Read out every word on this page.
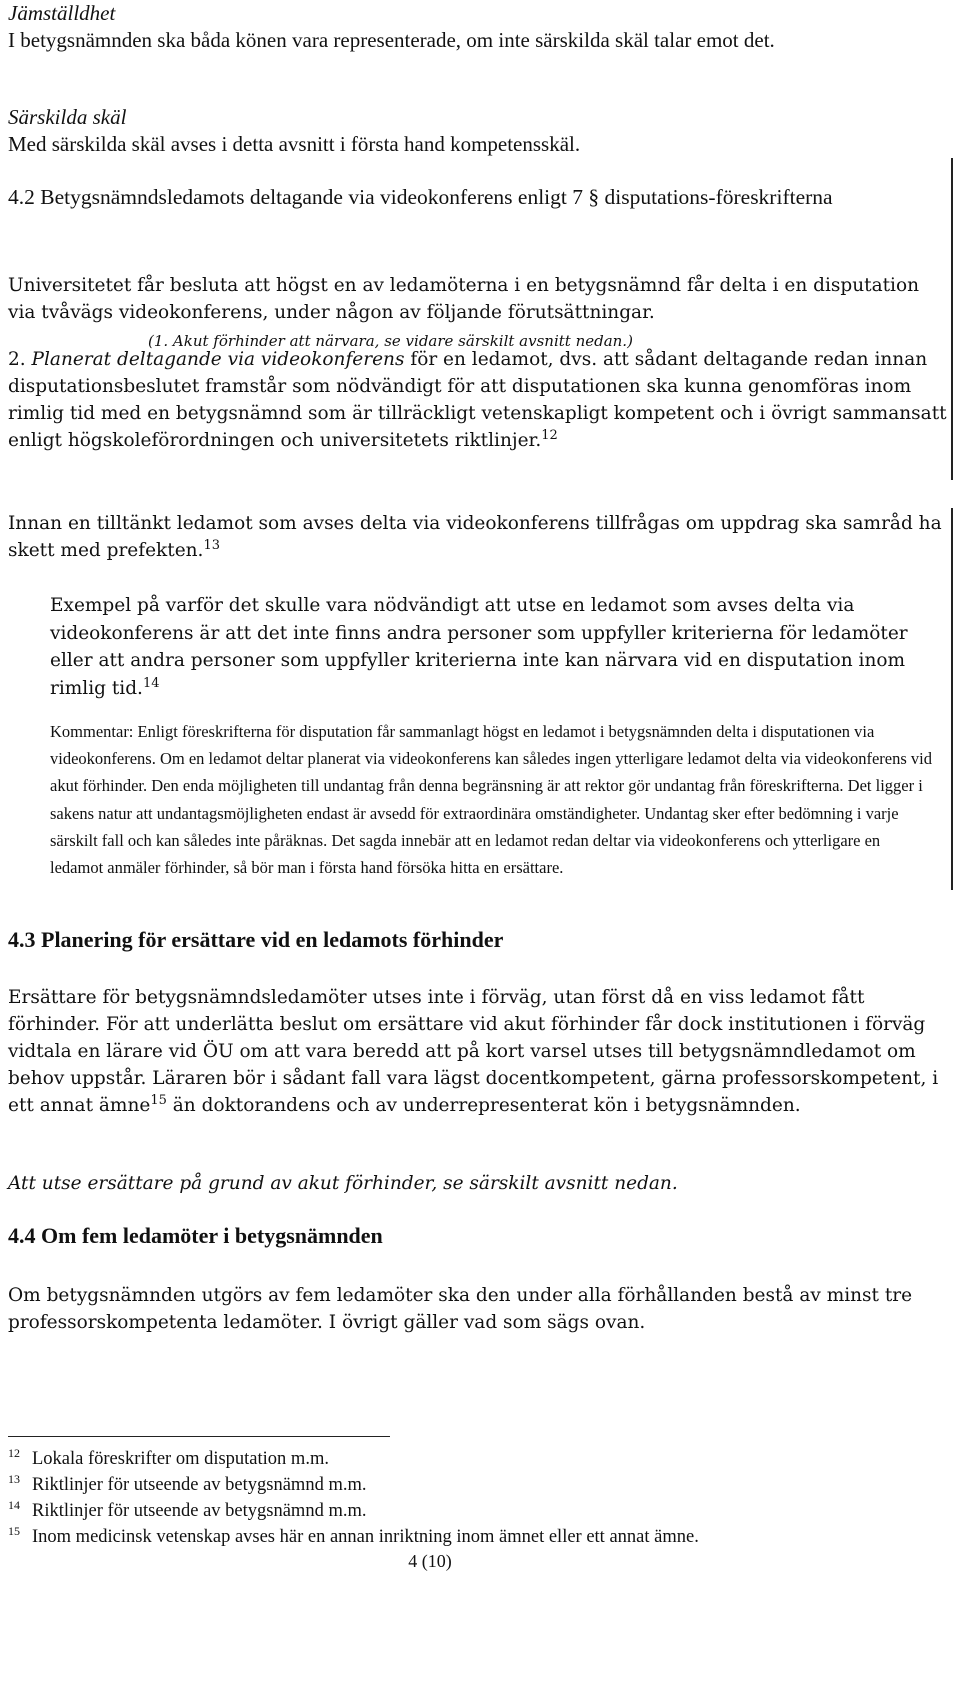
Jämställdhet
I betygsnämnden ska båda könen vara representerade, om inte särskilda skäl talar emot det.
Särskilda skäl
Med särskilda skäl avses i detta avsnitt i första hand kompetensskäl.
4.2 Betygsnämndsledamots deltagande via videokonferens enligt 7 § disputations-föreskrifterna
Universitetet får besluta att högst en av ledamöterna i en betygsnämnd får delta i en disputation via tvåvägs videokonferens, under någon av följande förutsättningar.
(1. Akut förhinder att närvara, se vidare särskilt avsnitt nedan.)
2. Planerat deltagande via videokonferens för en ledamot, dvs. att sådant deltagande redan innan disputationsbeslutet framstår som nödvändigt för att disputationen ska kunna genomföras inom rimlig tid med en betygsnämnd som är tillräckligt vetenskapligt kompetent och i övrigt sammansatt enligt högskoleförordningen och universitetets riktlinjer.$^{12}$
Innan en tilltänkt ledamot som avses delta via videokonferens tillfrågas om uppdrag ska samråd ha skett med prefekten.$^{13}$
Exempel på varför det skulle vara nödvändigt att utse en ledamot som avses delta via videokonferens är att det inte finns andra personer som uppfyller kriterierna för ledamöter eller att andra personer som uppfyller kriterierna inte kan närvara vid en disputation inom rimlig tid.$^{14}$
Kommentar: Enligt föreskrifterna för disputation får sammanlagt högst en ledamot i betygsnämnden delta i disputationen via videokonferens. Om en ledamot deltar planerat via videokonferens kan således ingen ytterligare ledamot delta via videokonferens vid akut förhinder. Den enda möjligheten till undantag från denna begränsning är att rektor gör undantag från föreskrifterna. Det ligger i sakens natur att undantagsmöjligheten endast är avsedd för extraordinära omständigheter. Undantag sker efter bedömning i varje särskilt fall och kan således inte påräknas. Det sagda innebär att en ledamot redan deltar via videokonferens och ytterligare en ledamot anmäler förhinder, så bör man i första hand försöka hitta en ersättare.
4.3 Planering för ersättare vid en ledamots förhinder
Ersättare för betygsnämndsledamöter utses inte i förväg, utan först då en viss ledamot fått förhinder. För att underlätta beslut om ersättare vid akut förhinder får dock institutionen i förväg vidtala en lärare vid ÖU om att vara beredd att på kort varsel utses till betygsnämndledamot om behov uppstår. Läraren bör i sådant fall vara lägst docentkompetent, gärna professorskompetent, i ett annat ämne$^{15}$ än doktorandens och av underrepresenterat kön i betygsnämnden.
Att utse ersättare på grund av akut förhinder, se särskilt avsnitt nedan.
4.4 Om fem ledamöter i betygsnämnden
Om betygsnämnden utgörs av fem ledamöter ska den under alla förhållanden bestå av minst tre professorskompetenta ledamöter. I övrigt gäller vad som sägs ovan.
12 Lokala föreskrifter om disputation m.m.
13 Riktlinjer för utseende av betygsnämnd m.m.
14 Riktlinjer för utseende av betygsnämnd m.m.
15 Inom medicinsk vetenskap avses här en annan inriktning inom ämnet eller ett annat ämne.
4 (10)
